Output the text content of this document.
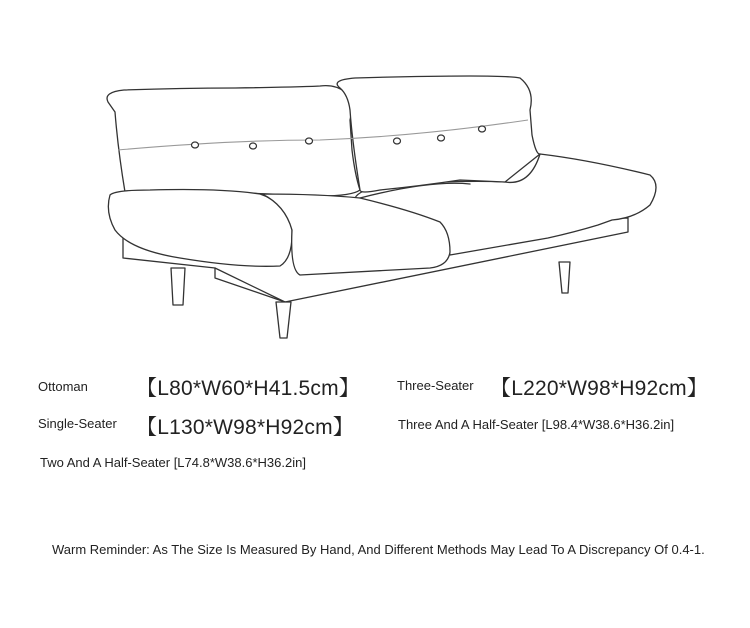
Ottoman 【L80*W60*H41.5cm】	Three-Seater 【L220*W98*H92cm】
Single-Seater 【L130*W98*H92cm】	Three And A Half-Seater [L98.4*W38.6*H36.2in]
Two And A Half-Seater [L74.8*W38.6*H36.2in]
Warm Reminder: As The Size Is Measured By Hand, And Different Methods May Lead To A Discrepancy Of 0.4-1.
